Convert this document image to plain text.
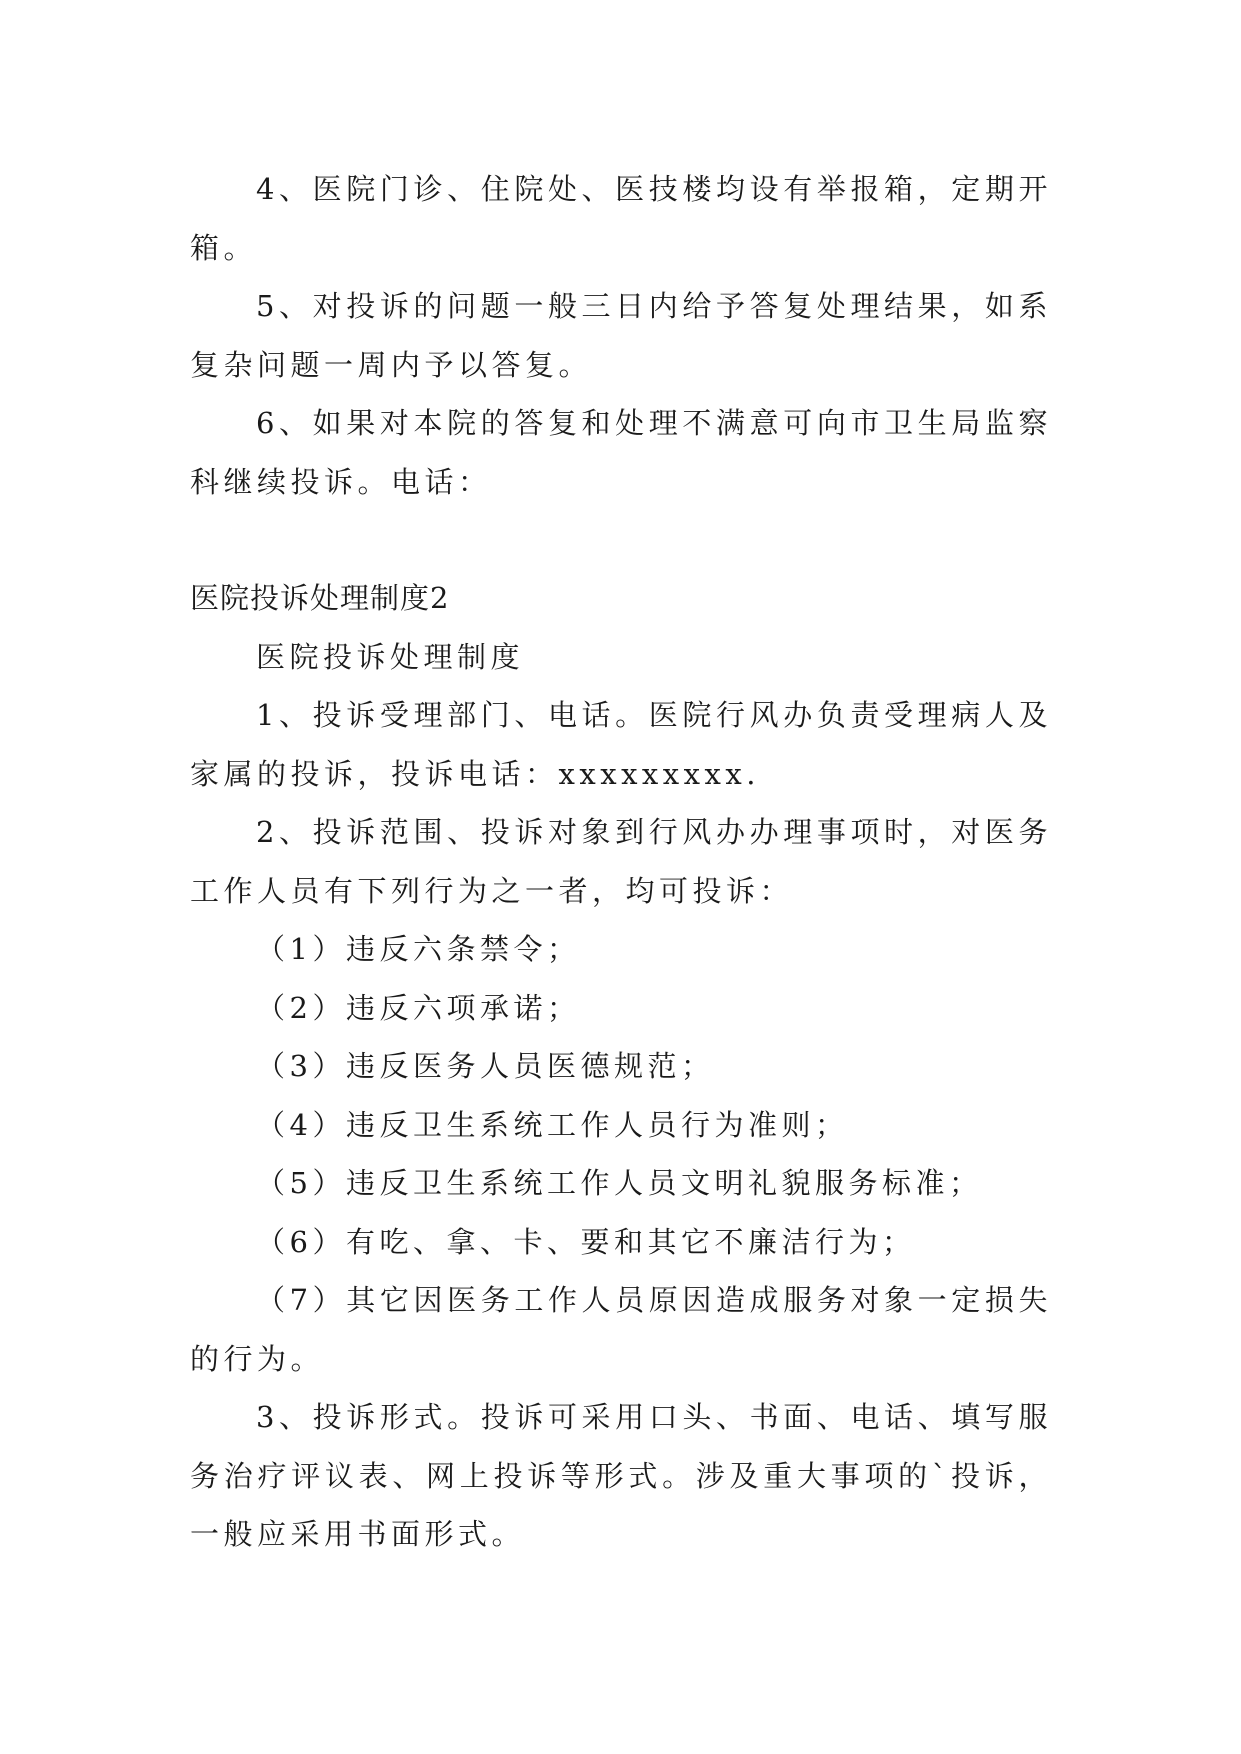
4、医院门诊、住院处、医技楼均设有举报箱，定期开箱。

5、对投诉的问题一般三日内给予答复处理结果，如系复杂问题一周内予以答复。

6、如果对本院的答复和处理不满意可向市卫生局监察科继续投诉。电话：

医院投诉处理制度2

医院投诉处理制度

1、投诉受理部门、电话。医院行风办负责受理病人及家属的投诉，投诉电话：xxxxxxxxx.

2、投诉范围、投诉对象到行风办办理事项时，对医务工作人员有下列行为之一者，均可投诉：

（1）违反六条禁令；

（2）违反六项承诺；

（3）违反医务人员医德规范；

（4）违反卫生系统工作人员行为准则；

（5）违反卫生系统工作人员文明礼貌服务标准；

（6）有吃、拿、卡、要和其它不廉洁行为；

（7）其它因医务工作人员原因造成服务对象一定损失的行为。

3、投诉形式。投诉可采用口头、书面、电话、填写服务治疗评议表、网上投诉等形式。涉及重大事项的`投诉，一般应采用书面形式。
